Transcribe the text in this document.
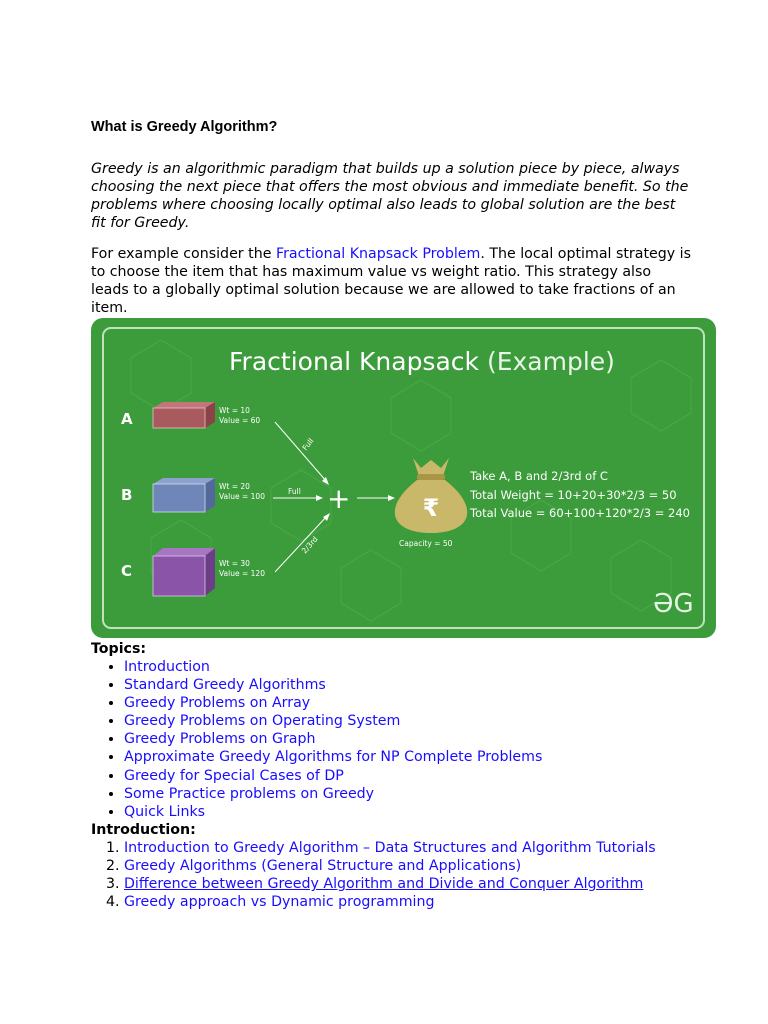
What is Greedy Algorithm?

Greedy is an algorithmic paradigm that builds up a solution piece by piece, always choosing the next piece that offers the most obvious and immediate benefit. So the problems where choosing locally optimal also leads to global solution are the best fit for Greedy.

For example consider the Fractional Knapsack Problem. The local optimal strategy is to choose the item that has maximum value vs weight ratio. This strategy also leads to a globally optimal solution because we are allowed to take fractions of an item.

Fractional Knapsack (Example)
A	Wt = 10
Value = 60
B	Wt = 20
Value = 100
C	Wt = 30
Value = 120
Full
Full
2/3rd
+	₹
Capacity = 50
Take A, B and 2/3rd of C
Total Weight = 10+20+30*2/3 = 50
Total Value = 60+100+120*2/3 = 240
ƏG
Topics:
• Introduction
• Standard Greedy Algorithms
• Greedy Problems on Array
• Greedy Problems on Operating System
• Greedy Problems on Graph
• Approximate Greedy Algorithms for NP Complete Problems
• Greedy for Special Cases of DP
• Some Practice problems on Greedy
• Quick Links
Introduction:
1. Introduction to Greedy Algorithm – Data Structures and Algorithm Tutorials
2. Greedy Algorithms (General Structure and Applications)
3. Difference between Greedy Algorithm and Divide and Conquer Algorithm
4. Greedy approach vs Dynamic programming
